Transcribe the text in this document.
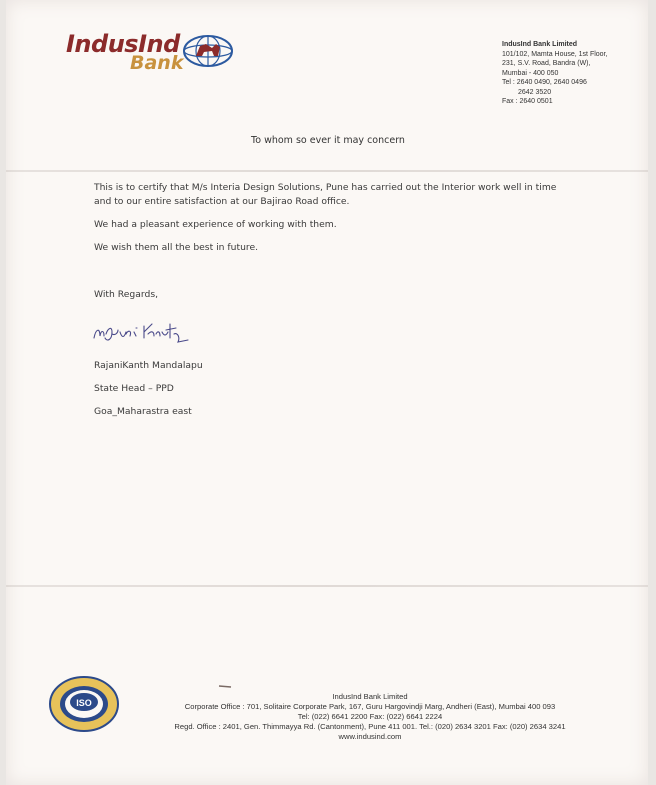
IndusInd
Bank
IndusInd Bank Limited
101/102, Mamta House, 1st Floor,
231, S.V. Road, Bandra (W),
Mumbai - 400 050
Tel : 2640 0490, 2640 0496
2642 3520
Fax : 2640 0501
To whom so ever it may concern
This is to certify that M/s Interia Design Solutions, Pune has carried out the Interior work well in time
and to our entire satisfaction at our Bajirao Road office.
We had a pleasant experience of working with them.
We wish them all the best in future.
With Regards,
RajaniKanth Mandalapu
State Head – PPD
Goa_Maharastra east
ISO
IndusInd Bank Limited
Corporate Office : 701, Solitaire Corporate Park, 167, Guru Hargovindji Marg, Andheri (East), Mumbai 400 093
Tel: (022) 6641 2200 Fax: (022) 6641 2224
Regd. Office : 2401, Gen. Thimmayya Rd. (Cantonment), Pune 411 001. Tel.: (020) 2634 3201 Fax: (020) 2634 3241
www.indusind.com
